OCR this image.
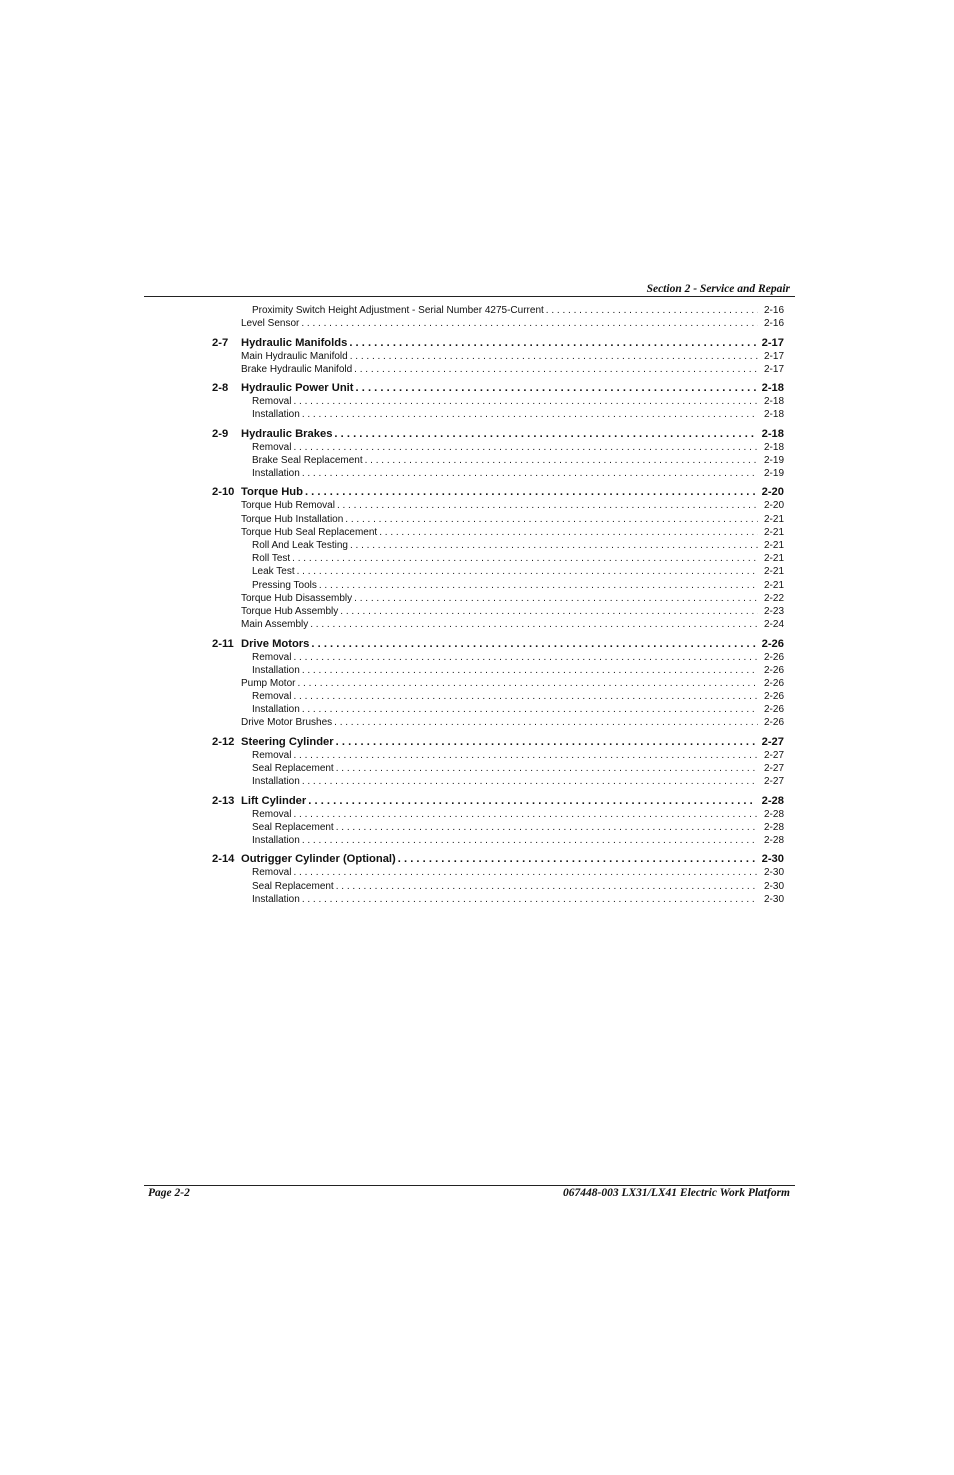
Section 2 - Service and Repair
Proximity Switch Height Adjustment - Serial Number 4275-Current . . .	2-16
Level Sensor . . .	2-16
2-7	Hydraulic Manifolds . . .	2-17
Main Hydraulic Manifold . . .	2-17
Brake Hydraulic Manifold . . .	2-17
2-8	Hydraulic Power Unit . . .	2-18
Removal . . .	2-18
Installation . . .	2-18
2-9	Hydraulic Brakes . . .	2-18
Removal . . .	2-18
Brake Seal Replacement . . .	2-19
Installation . . .	2-19
2-10 Torque Hub . . .	2-20
Torque Hub Removal . . .	2-20
Torque Hub Installation . . .	2-21
Torque Hub Seal Replacement . . .	2-21
Roll And Leak Testing . . .	2-21
Roll Test . . .	2-21
Leak Test . . .	2-21
Pressing Tools . . .	2-21
Torque Hub Disassembly . . .	2-22
Torque Hub Assembly . . .	2-23
Main Assembly . . .	2-24
2-11 Drive Motors . . .	2-26
Removal . . .	2-26
Installation . . .	2-26
Pump Motor . . .	2-26
Removal . . .	2-26
Installation . . .	2-26
Drive Motor Brushes . . .	2-26
2-12 Steering Cylinder . . .	2-27
Removal . . .	2-27
Seal Replacement . . .	2-27
Installation . . .	2-27
2-13 Lift Cylinder . . .	2-28
Removal . . .	2-28
Seal Replacement . . .	2-28
Installation . . .	2-28
2-14 Outrigger Cylinder (Optional) . . .	2-30
Removal . . .	2-30
Seal Replacement . . .	2-30
Installation . . .	2-30
Page 2-2	067448-003 LX31/LX41 Electric Work Platform
